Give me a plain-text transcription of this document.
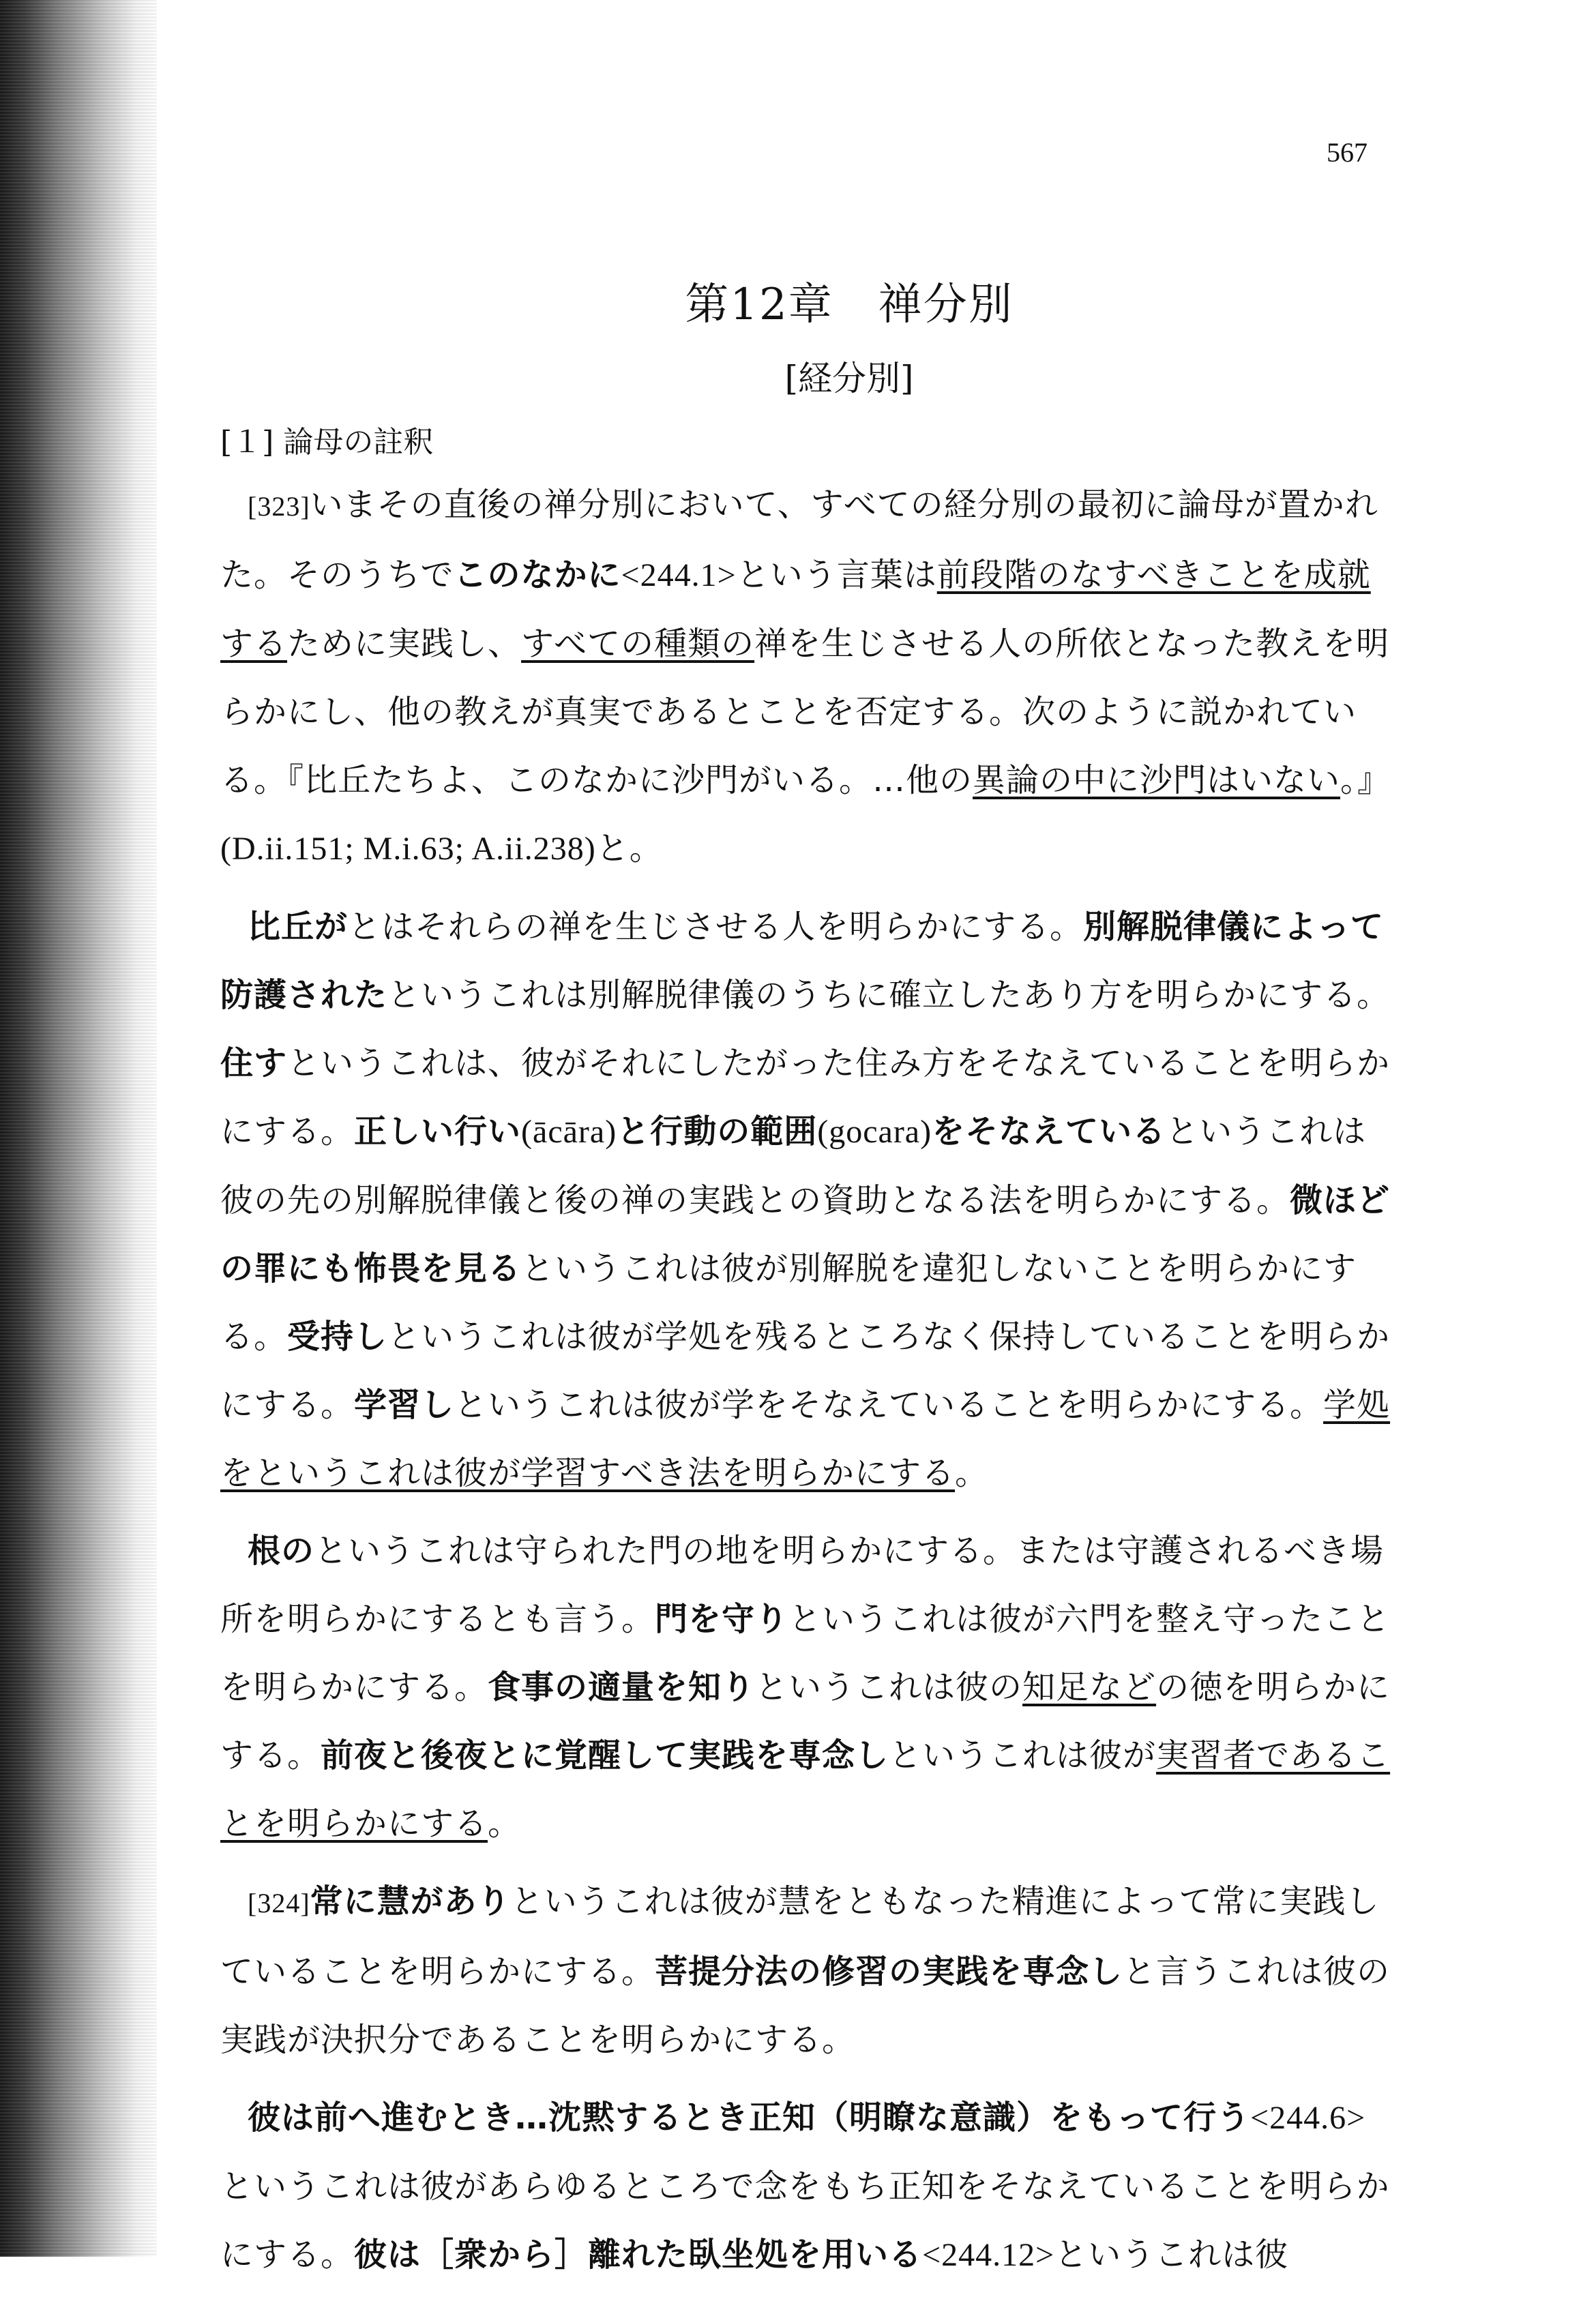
567
第12章　禅分別
[経分別]
[１] 論母の註釈

[323]いまその直後の禅分別において、すべての経分別の最初に論母が置かれた。そのうちでこのなかに<244.1>という言葉は前段階のなすべきことを成就するために実践し、すべての種類の禅を生じさせる人の所依となった教えを明らかにし、他の教えが真実であるとことを否定する。次のように説かれている。『比丘たちよ、このなかに沙門がいる。…他の異論の中に沙門はいない。』(D.ii.151; M.i.63; A.ii.238)と。

比丘がとはそれらの禅を生じさせる人を明らかにする。別解脱律儀によって防護されたというこれは別解脱律儀のうちに確立したあり方を明らかにする。住すというこれは、彼がそれにしたがった住み方をそなえていることを明らかにする。正しい行い(ācāra)と行動の範囲(gocara)をそなえているというこれは彼の先の別解脱律儀と後の禅の実践との資助となる法を明らかにする。微ほどの罪にも怖畏を見るというこれは彼が別解脱を違犯しないことを明らかにする。受持しというこれは彼が学処を残るところなく保持していることを明らかにする。学習しというこれは彼が学をそなえていることを明らかにする。学処をというこれは彼が学習すべき法を明らかにする。

根のというこれは守られた門の地を明らかにする。または守護されるべき場所を明らかにするとも言う。門を守りというこれは彼が六門を整え守ったことを明らかにする。食事の適量を知りというこれは彼の知足などの徳を明らかにする。前夜と後夜とに覚醒して実践を専念しというこれは彼が実習者であることを明らかにする。

[324]常に慧がありというこれは彼が慧をともなった精進によって常に実践していることを明らかにする。菩提分法の修習の実践を専念しと言うこれは彼の実践が決択分であることを明らかにする。

彼は前へ進むとき…沈黙するとき正知（明瞭な意識）をもって行う<244.6>というこれは彼があらゆるところで念をもち正知をそなえていることを明らかにする。彼は［衆から］離れた臥坐処を用いる<244.12>というこれは彼
